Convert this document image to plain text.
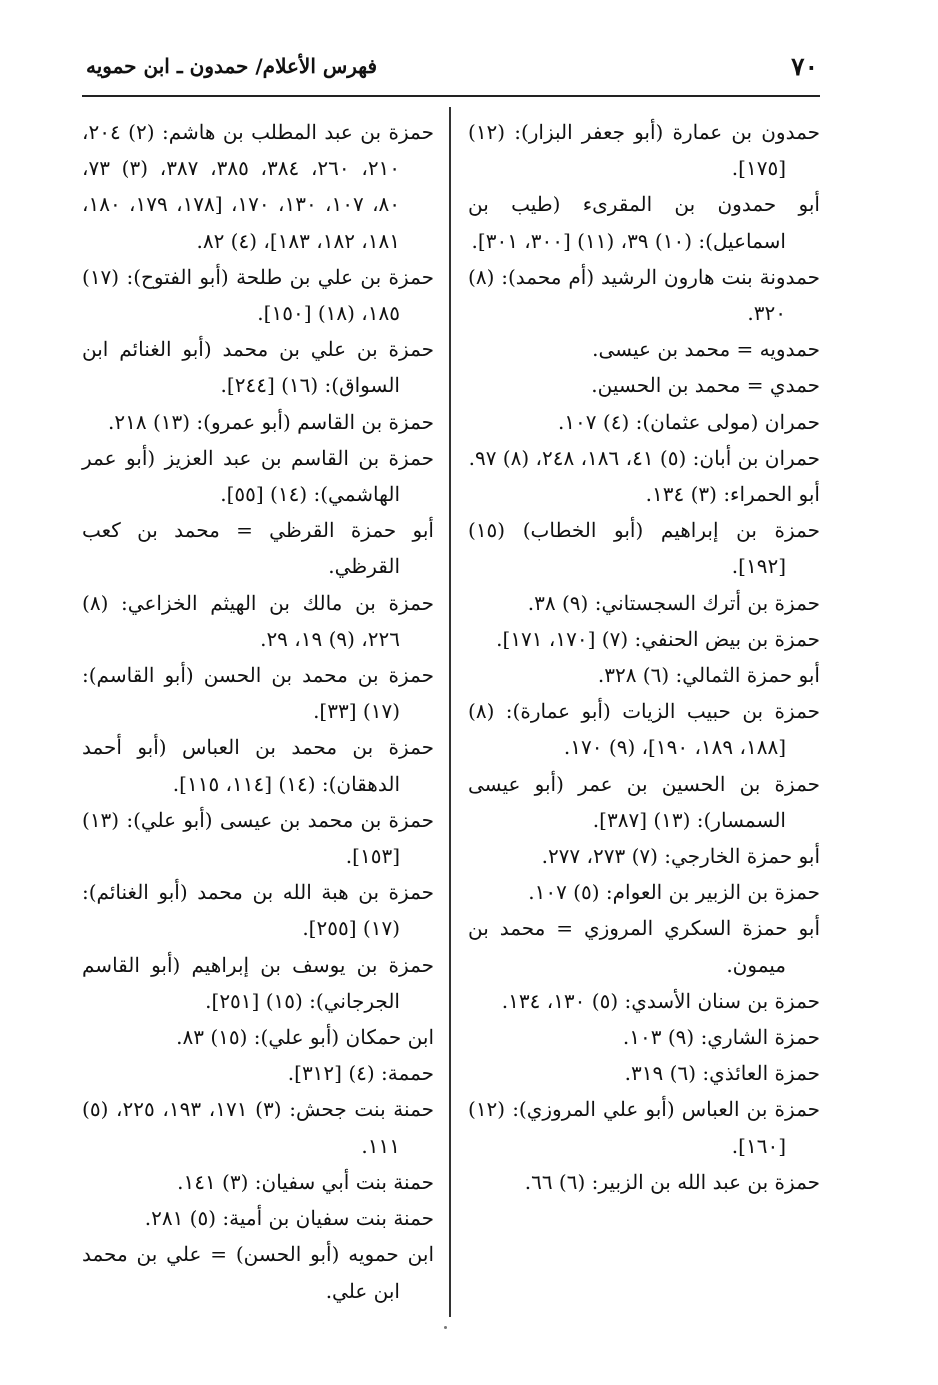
٧٠
فهرس الأعلام/ حمدون ـ ابن حمويه

حمدون بن عمارة (أبو جعفر البزار): (١٢) [١٧٥].

أبو حمدون بن المقرىء (طيب بن اسماعيل): (١٠) ٣٩، (١١) [٣٠٠، ٣٠١].

حمدونة بنت هارون الرشيد (أم محمد): (٨) ٣٢٠.

حمدويه = محمد بن عيسى.

حمدي = محمد بن الحسين.

حمران (مولى عثمان): (٤) ١٠٧.

حمران بن أبان: (٥) ٤١، ١٨٦، ٢٤٨، (٨) ٩٧.

أبو الحمراء: (٣) ١٣٤.

حمزة بن إبراهيم (أبو الخطاب) (١٥) [١٩٢].

حمزة بن أترك السجستاني: (٩) ٣٨.

حمزة بن بيض الحنفي: (٧) [١٧٠، ١٧١].

أبو حمزة الثمالي: (٦) ٣٢٨.

حمزة بن حبيب الزيات (أبو عمارة): (٨) [١٨٨، ١٨٩، ١٩٠]، (٩) ١٧٠.

حمزة بن الحسين بن عمر (أبو عيسى السمسار): (١٣) [٣٨٧].

أبو حمزة الخارجي: (٧) ٢٧٣، ٢٧٧.

حمزة بن الزبير بن العوام: (٥) ١٠٧.

أبو حمزة السكري المروزي = محمد بن ميمون.

حمزة بن سنان الأسدي: (٥) ١٣٠، ١٣٤.

حمزة الشاري: (٩) ١٠٣.

حمزة العائذي: (٦) ٣١٩.

حمزة بن العباس (أبو علي المروزي): (١٢) [١٦٠].

حمزة بن عبد الله بن الزبير: (٦) ٦٦.

حمزة بن عبد المطلب بن هاشم: (٢) ٢٠٤، ٢١٠، ٢٦٠، ٣٨٤، ٣٨٥، ٣٨٧، (٣) ٧٣، ٨٠، ١٠٧، ١٣٠، ١٧٠، [١٧٨، ١٧٩، ١٨٠، ١٨١، ١٨٢، ١٨٣]، (٤) ٨٢.

حمزة بن علي بن طلحة (أبو الفتوح): (١٧) ١٨٥، (١٨) [١٥٠].

حمزة بن علي بن محمد (أبو الغنائم ابن السواق): (١٦) [٢٤٤].

حمزة بن القاسم (أبو عمرو): (١٣) ٢١٨.

حمزة بن القاسم بن عبد العزيز (أبو عمر الهاشمي): (١٤) [٥٥].

أبو حمزة القرظي = محمد بن كعب القرظي.

حمزة بن مالك بن الهيثم الخزاعي: (٨) ٢٢٦، (٩) ١٩، ٢٩.

حمزة بن محمد بن الحسن (أبو القاسم): (١٧) [٣٣].

حمزة بن محمد بن العباس (أبو أحمد الدهقان): (١٤) [١١٤، ١١٥].

حمزة بن محمد بن عيسى (أبو علي): (١٣) [١٥٣].

حمزة بن هبة الله بن محمد (أبو الغنائم): (١٧) [٢٥٥].

حمزة بن يوسف بن إبراهيم (أبو القاسم الجرجاني): (١٥) [٢٥١].

ابن حمكان (أبو علي): (١٥) ٨٣.

حممة: (٤) [٣١٢].

حمنة بنت جحش: (٣) ١٧١، ١٩٣، ٢٢٥، (٥) ١١١.

حمنة بنت أبي سفيان: (٣) ١٤١.

حمنة بنت سفيان بن أمية: (٥) ٢٨١.

ابن حمويه (أبو الحسن) = علي بن محمد ابن علي.
